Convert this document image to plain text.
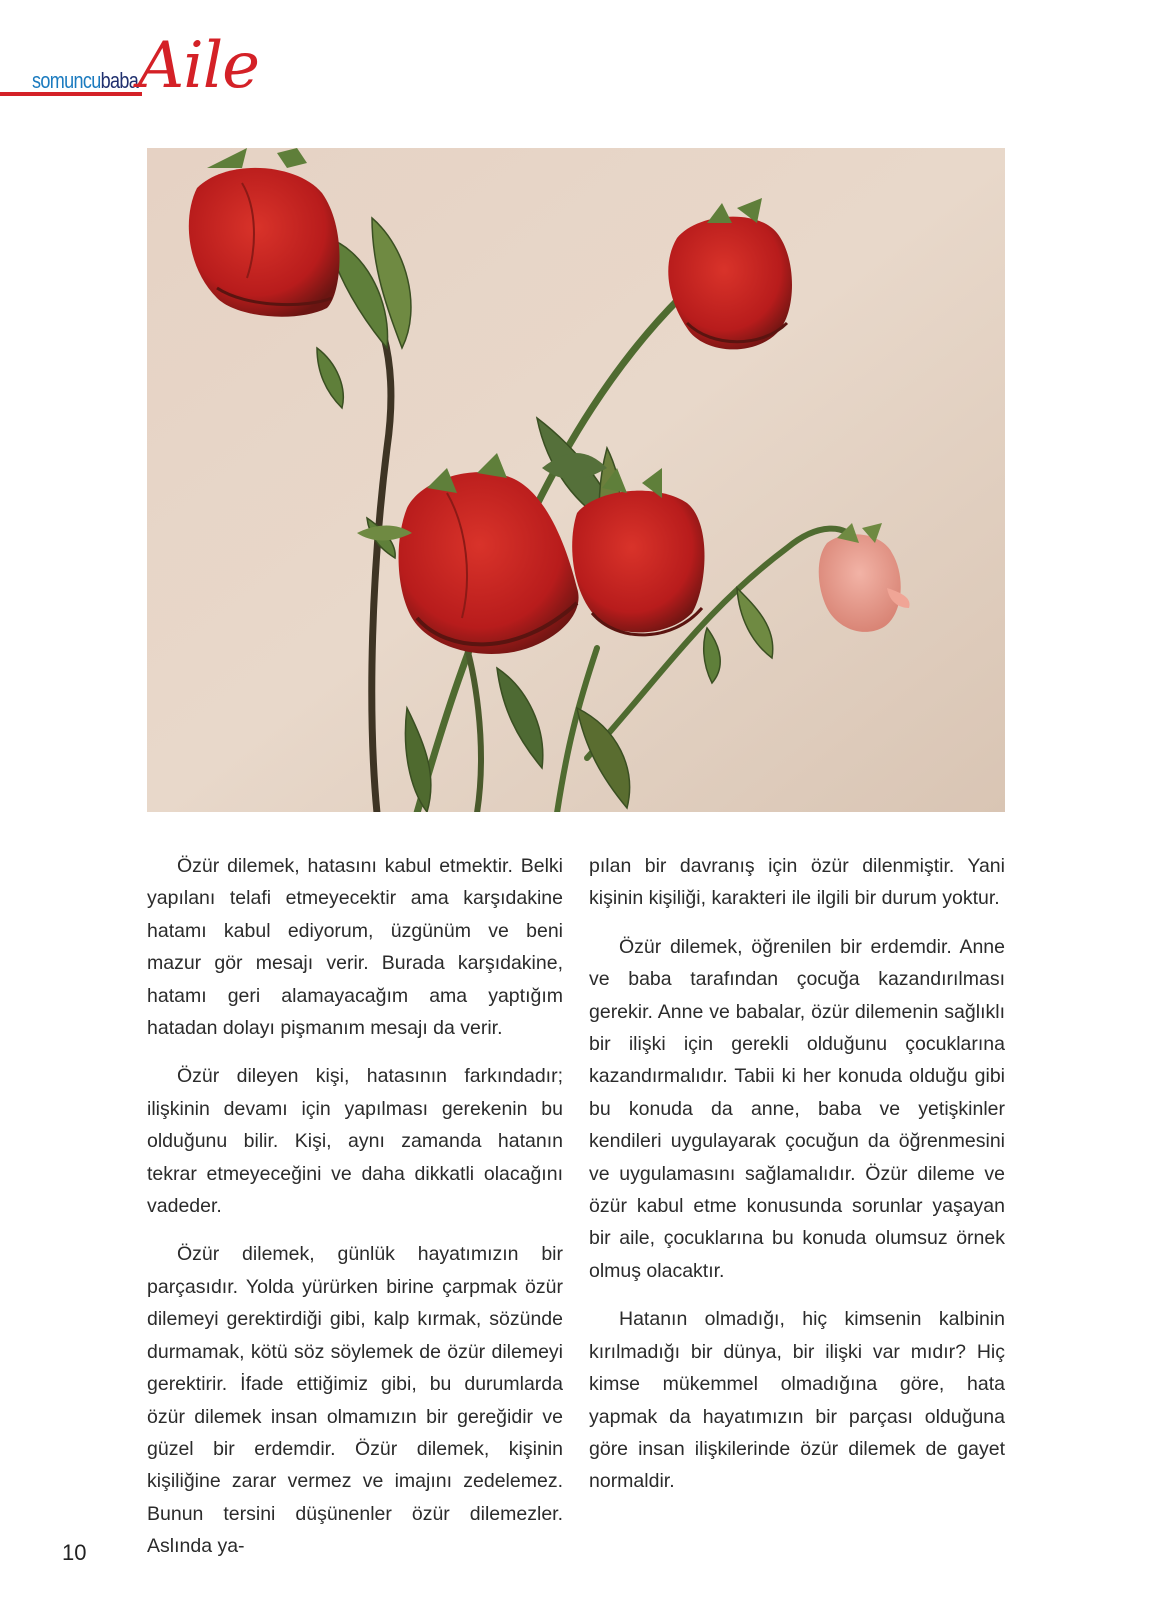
somuncubaba Aile

Özür dilemek, hatasını kabul etmektir. Belki yapılanı telafi etmeyecektir ama karşıdakine hatamı kabul ediyorum, üzgünüm ve beni mazur gör mesajı verir. Burada karşıdakine, hatamı geri alamayacağım ama yaptığım hatadan dolayı pişmanım mesajı da verir.

Özür dileyen kişi, hatasının farkındadır; ilişkinin devamı için yapılması gerekenin bu olduğunu bilir. Kişi, aynı zamanda hatanın tekrar etmeyeceğini ve daha dikkatli olacağını vadeder.

Özür dilemek, günlük hayatımızın bir parçasıdır. Yolda yürürken birine çarpmak özür dilemeyi gerektirdiği gibi, kalp kırmak, sözünde durmamak, kötü söz söylemek de özür dilemeyi gerektirir. İfade ettiğimiz gibi, bu durumlarda özür dilemek insan olmamızın bir gereğidir ve güzel bir erdemdir. Özür dilemek, kişinin kişiliğine zarar vermez ve imajını zedelemez. Bunun tersini düşünenler özür dilemezler. Aslında ya-

pılan bir davranış için özür dilenmiştir. Yani kişinin kişiliği, karakteri ile ilgili bir durum yoktur.

Özür dilemek, öğrenilen bir erdemdir. Anne ve baba tarafından çocuğa kazandırılması gerekir. Anne ve babalar, özür dilemenin sağlıklı bir ilişki için gerekli olduğunu çocuklarına kazandırmalıdır. Tabii ki her konuda olduğu gibi bu konuda da anne, baba ve yetişkinler kendileri uygulayarak çocuğun da öğrenmesini ve uygulamasını sağlamalıdır. Özür dileme ve özür kabul etme konusunda sorunlar yaşayan bir aile, çocuklarına bu konuda olumsuz örnek olmuş olacaktır.

Hatanın olmadığı, hiç kimsenin kalbinin kırılmadığı bir dünya, bir ilişki var mıdır? Hiç kimse mükemmel olmadığına göre, hata yapmak da hayatımızın bir parçası olduğuna göre insan ilişkilerinde özür dilemek de gayet normaldir.

10
